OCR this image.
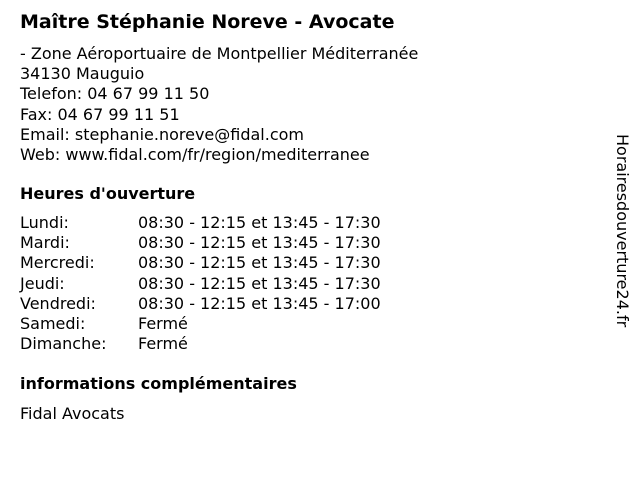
Maître Stéphanie Noreve - Avocate
- Zone Aéroportuaire de Montpellier Méditerranée
34130 Mauguio
Telefon: 04 67 99 11 50
Fax: 04 67 99 11 51
Email: stephanie.noreve@fidal.com
Web: www.fidal.com/fr/region/mediterranee
Heures d'ouverture
Lundi:	08:30 - 12:15 et 13:45 - 17:30
Mardi:	08:30 - 12:15 et 13:45 - 17:30
Mercredi:	08:30 - 12:15 et 13:45 - 17:30
Jeudi:	08:30 - 12:15 et 13:45 - 17:30
Vendredi:	08:30 - 12:15 et 13:45 - 17:00
Samedi:	Fermé
Dimanche:	Fermé
informations complémentaires
Fidal Avocats
Horairesdouverture24.fr
